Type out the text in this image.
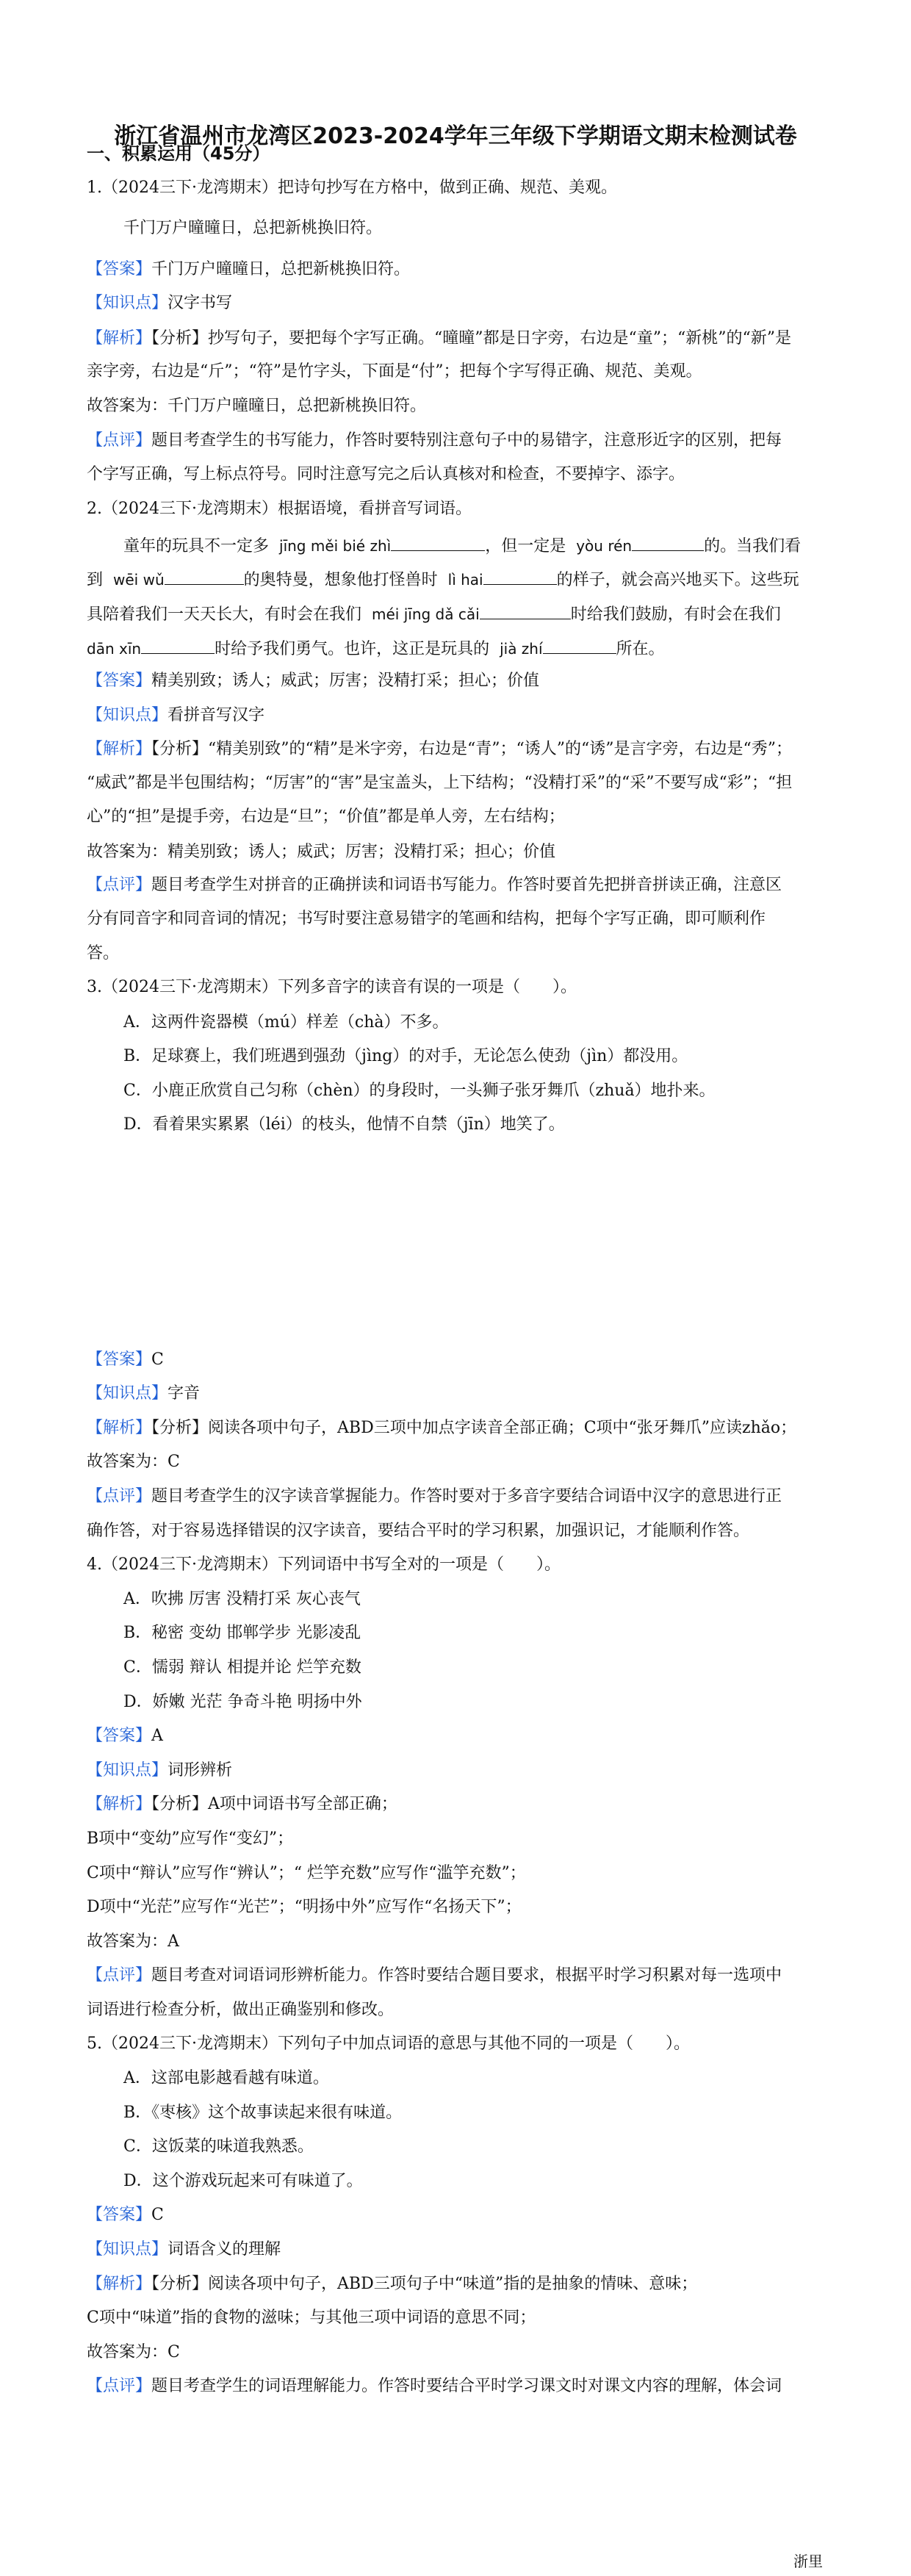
浙江省温州市龙湾区2023-2024学年三年级下学期语文期末检测试卷
一、积累运用（45分）
1.（2024三下·龙湾期末）把诗句抄写在方格中，做到正确、规范、美观。
千门万户曈曈日，总把新桃换旧符。
【答案】千门万户曈曈日，总把新桃换旧符。
【知识点】汉字书写
【解析】【分析】抄写句子，要把每个字写正确。“曈曈”都是日字旁，右边是“童”；“新桃”的“新”是
亲字旁，右边是“斤”；“符”是竹字头，下面是“付”；把每个字写得正确、规范、美观。
故答案为：千门万户曈曈日，总把新桃换旧符。
【点评】题目考查学生的书写能力，作答时要特别注意句子中的易错字，注意形近字的区别，把每
个字写正确，写上标点符号。同时注意写完之后认真核对和检查，不要掉字、添字。
2.（2024三下·龙湾期末）根据语境，看拼音写词语。
童年的玩具不一定多 jīng měi bié zhì	，但一定是 yòu rén	的。当我们看
到 wēi wǔ	的奥特曼，想象他打怪兽时 lì hai	的样子，就会高兴地买下。这些玩
具陪着我们一天天长大，有时会在我们 méi jīng dǎ cǎi	时给我们鼓励，有时会在我们
dān xīn	时给予我们勇气。也许，这正是玩具的 jià zhí	所在。
【答案】精美别致；诱人；威武；厉害；没精打采；担心；价值
【知识点】看拼音写汉字
【解析】【分析】“精美别致”的“精”是米字旁，右边是“青”；“诱人”的“诱”是言字旁，右边是“秀”；
“威武”都是半包围结构；“厉害”的“害”是宝盖头，上下结构；“没精打采”的“采”不要写成“彩”；“担
心”的“担”是提手旁，右边是“旦”；“价值”都是单人旁，左右结构；
故答案为：精美别致；诱人；威武；厉害；没精打采；担心；价值
【点评】题目考查学生对拼音的正确拼读和词语书写能力。作答时要首先把拼音拼读正确，注意区
分有同音字和同音词的情况；书写时要注意易错字的笔画和结构，把每个字写正确，即可顺利作
答。
3.（2024三下·龙湾期末）下列多音字的读音有误的一项是（　　）。
A．这两件瓷器模（mú）样差（chà）不多。
B．足球赛上，我们班遇到强劲（jìng）的对手，无论怎么使劲（jìn）都没用。
C．小鹿正欣赏自己匀称（chèn）的身段时，一头狮子张牙舞爪（zhuǎ）地扑来。
D．看着果实累累（léi）的枝头，他情不自禁（jīn）地笑了。
【答案】C
【知识点】字音
【解析】【分析】阅读各项中句子，ABD三项中加点字读音全部正确；C项中“张牙舞爪”应读zhǎo；
故答案为：C
【点评】题目考查学生的汉字读音掌握能力。作答时要对于多音字要结合词语中汉字的意思进行正
确作答，对于容易选择错误的汉字读音，要结合平时的学习积累，加强识记，才能顺利作答。
4.（2024三下·龙湾期末）下列词语中书写全对的一项是（　　）。
A．吹拂 厉害 没精打采 灰心丧气
B．秘密 变幼 邯郸学步 光影凌乱
C．懦弱 辩认 相提并论 烂竽充数
D．娇嫩 光茫 争奇斗艳 明扬中外
【答案】A
【知识点】词形辨析
【解析】【分析】A项中词语书写全部正确；
B项中“变幼”应写作“变幻”；
C项中“辩认”应写作“辨认”；“ 烂竽充数”应写作“滥竽充数”；
D项中“光茫”应写作“光芒”；“明扬中外”应写作“名扬天下”；
故答案为：A
【点评】题目考查对词语词形辨析能力。作答时要结合题目要求，根据平时学习积累对每一选项中
词语进行检查分析，做出正确鉴别和修改。
5.（2024三下·龙湾期末）下列句子中加点词语的意思与其他不同的一项是（　　）。
A．这部电影越看越有味道。
B．《枣核》这个故事读起来很有味道。
C．这饭菜的味道我熟悉。
D．这个游戏玩起来可有味道了。
【答案】C
【知识点】词语含义的理解
【解析】【分析】阅读各项中句子，ABD三项句子中“味道”指的是抽象的情味、意味；
C项中“味道”指的食物的滋味；与其他三项中词语的意思不同；
故答案为：C
【点评】题目考查学生的词语理解能力。作答时要结合平时学习课文时对课文内容的理解，体会词
浙里
